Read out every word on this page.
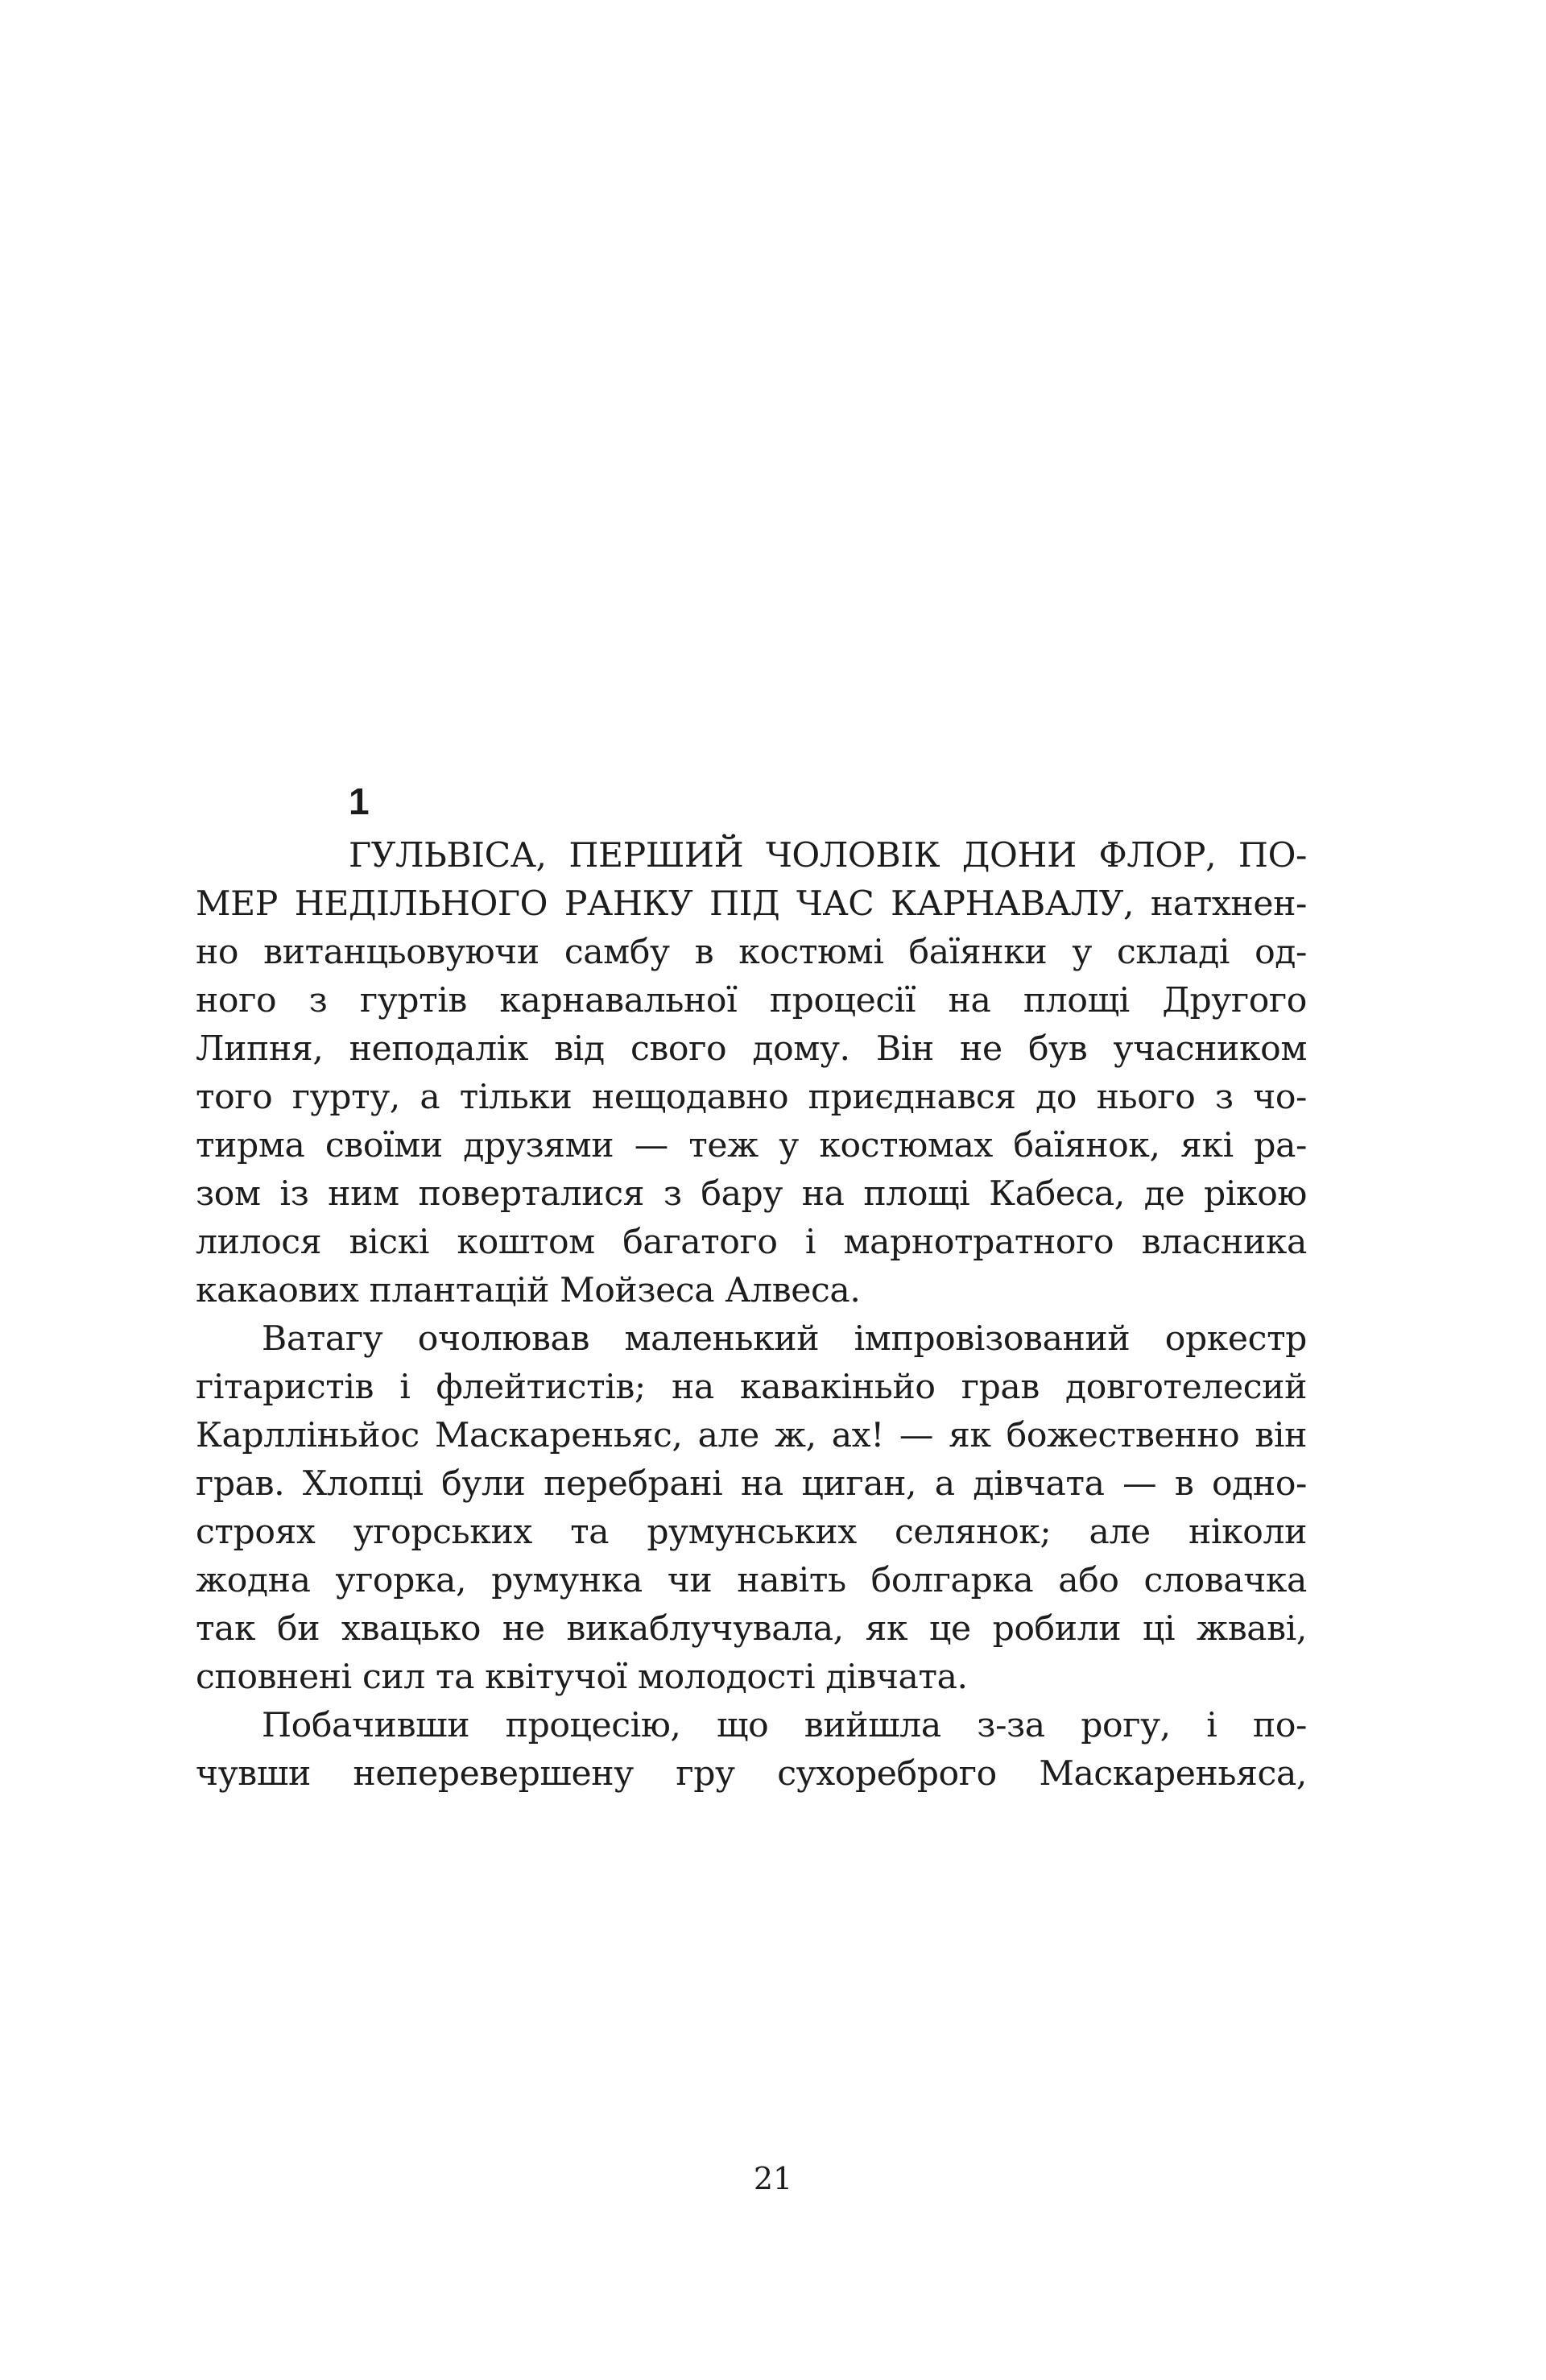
1
ГУЛЬВІСА, ПЕРШИЙ ЧОЛОВІК ДОНИ ФЛОР, ПО-
МЕР НЕДІЛЬНОГО РАНКУ ПІД ЧАС КАРНАВАЛУ, натхнен-
но витанцьовуючи самбу в костюмі баїянки у складі од-
ного з гуртів карнавальної процесії на площі Другого
Липня, неподалік від свого дому. Він не був учасником
того гурту, а тільки нещодавно приєднався до нього з чо-
тирма своїми друзями — теж у костюмах баїянок, які ра-
зом із ним поверталися з бару на площі Кабеса, де рікою
лилося віскі коштом багатого і марнотратного власника
какаових плантацій Мойзеса Алвеса.
Ватагу очолював маленький імпровізований оркестр
гітаристів і флейтистів; на кавакіньйо грав довготелесий
Карлліньйос Маскареньяс, але ж, ах! — як божественно він
грав. Хлопці були перебрані на циган, а дівчата — в одно-
строях угорських та румунських селянок; але ніколи
жодна угорка, румунка чи навіть болгарка або словачка
так би хвацько не викаблучувала, як це робили ці жваві,
сповнені сил та квітучої молодості дівчата.
Побачивши процесію, що вийшла з-за рогу, і по-
чувши неперевершену гру сухореброго Маскареньяса,
21
